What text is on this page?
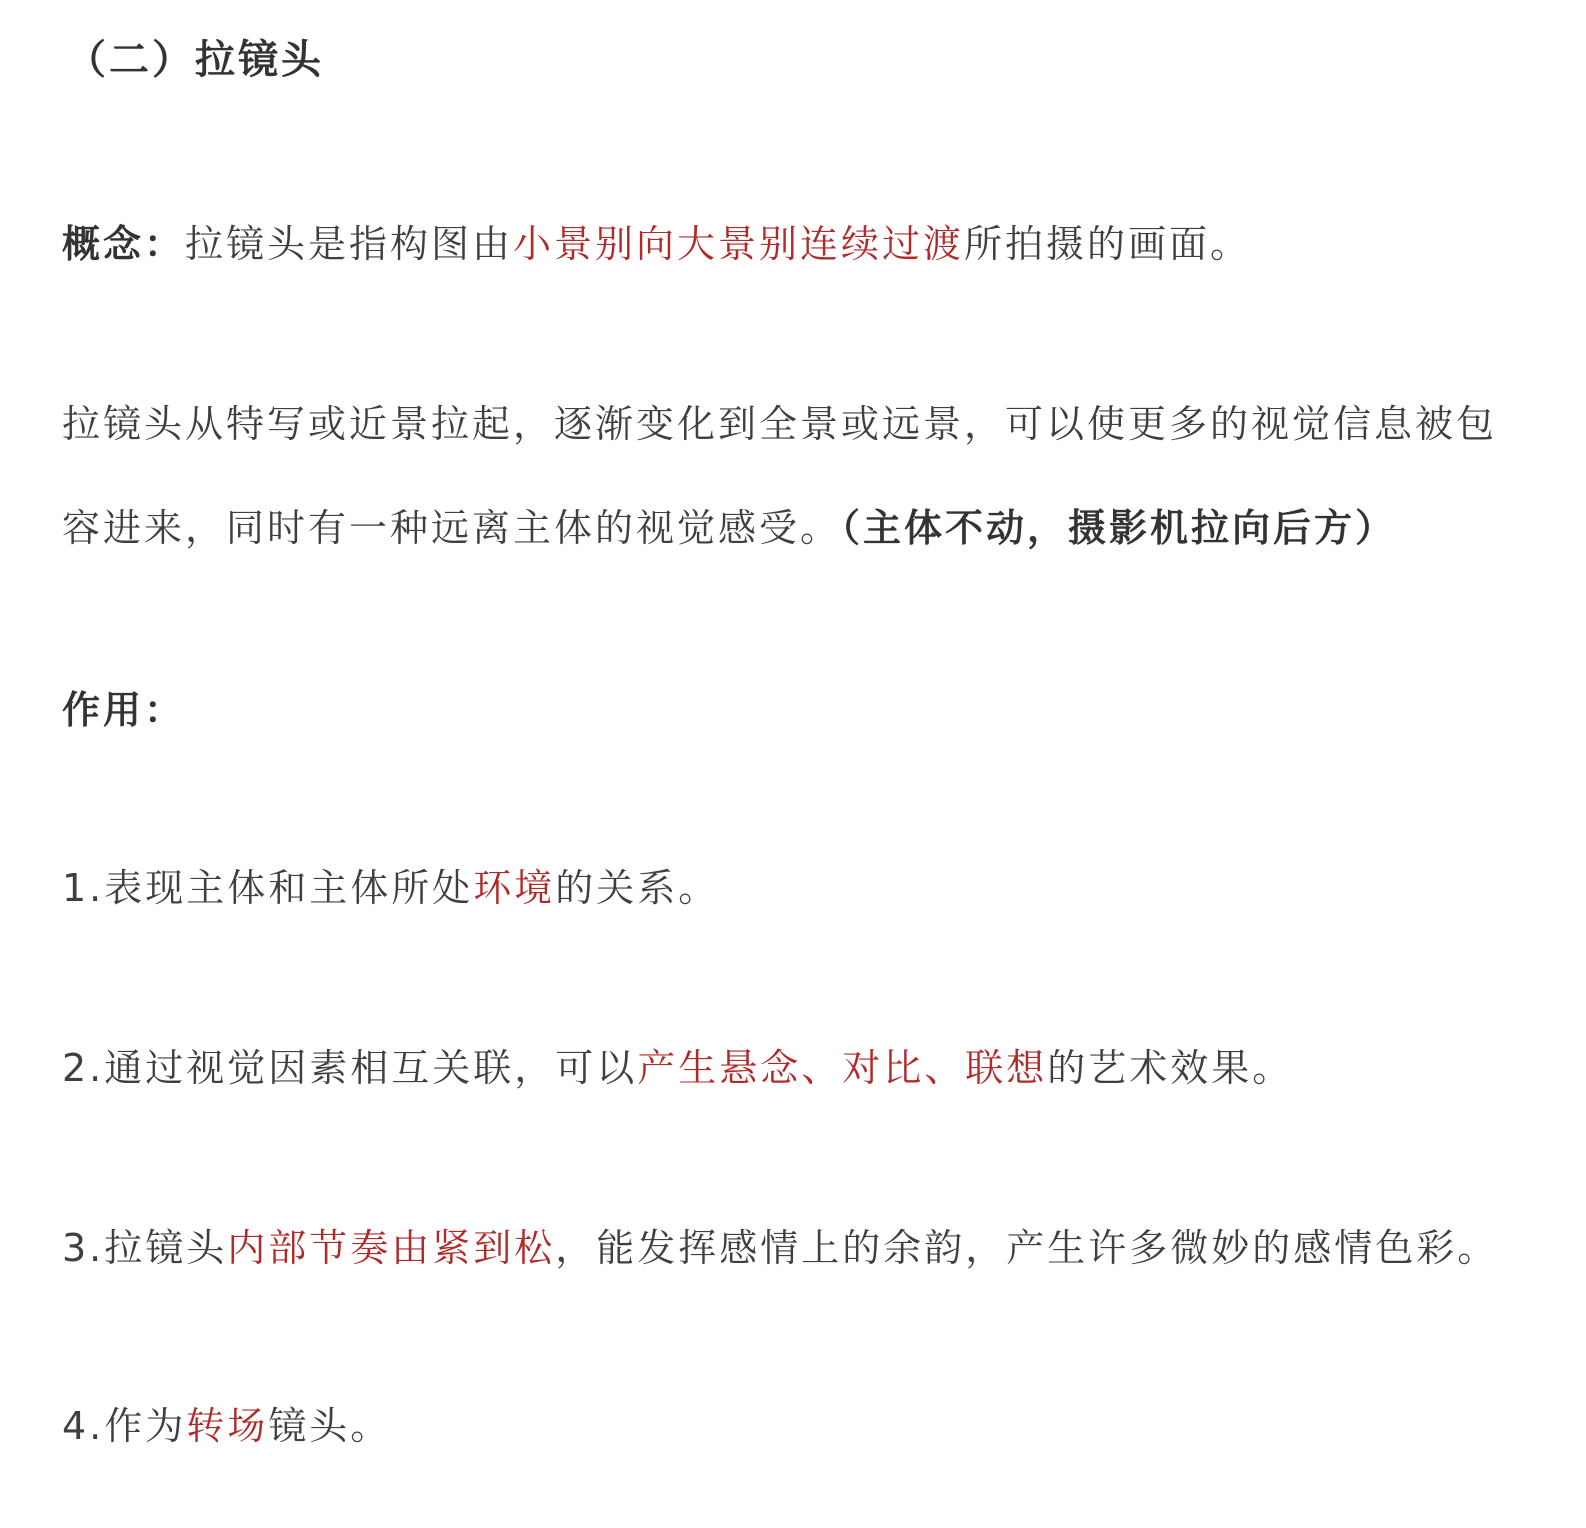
（二）拉镜头
概念：拉镜头是指构图由小景别向大景别连续过渡所拍摄的画面。
拉镜头从特写或近景拉起，逐渐变化到全景或远景，可以使更多的视觉信息被包
容进来，同时有一种远离主体的视觉感受。（主体不动，摄影机拉向后方）
作用：
1.表现主体和主体所处环境的关系。
2.通过视觉因素相互关联，可以产生悬念、对比、联想的艺术效果。
3.拉镜头内部节奏由紧到松，能发挥感情上的余韵，产生许多微妙的感情色彩。
4.作为转场镜头。
